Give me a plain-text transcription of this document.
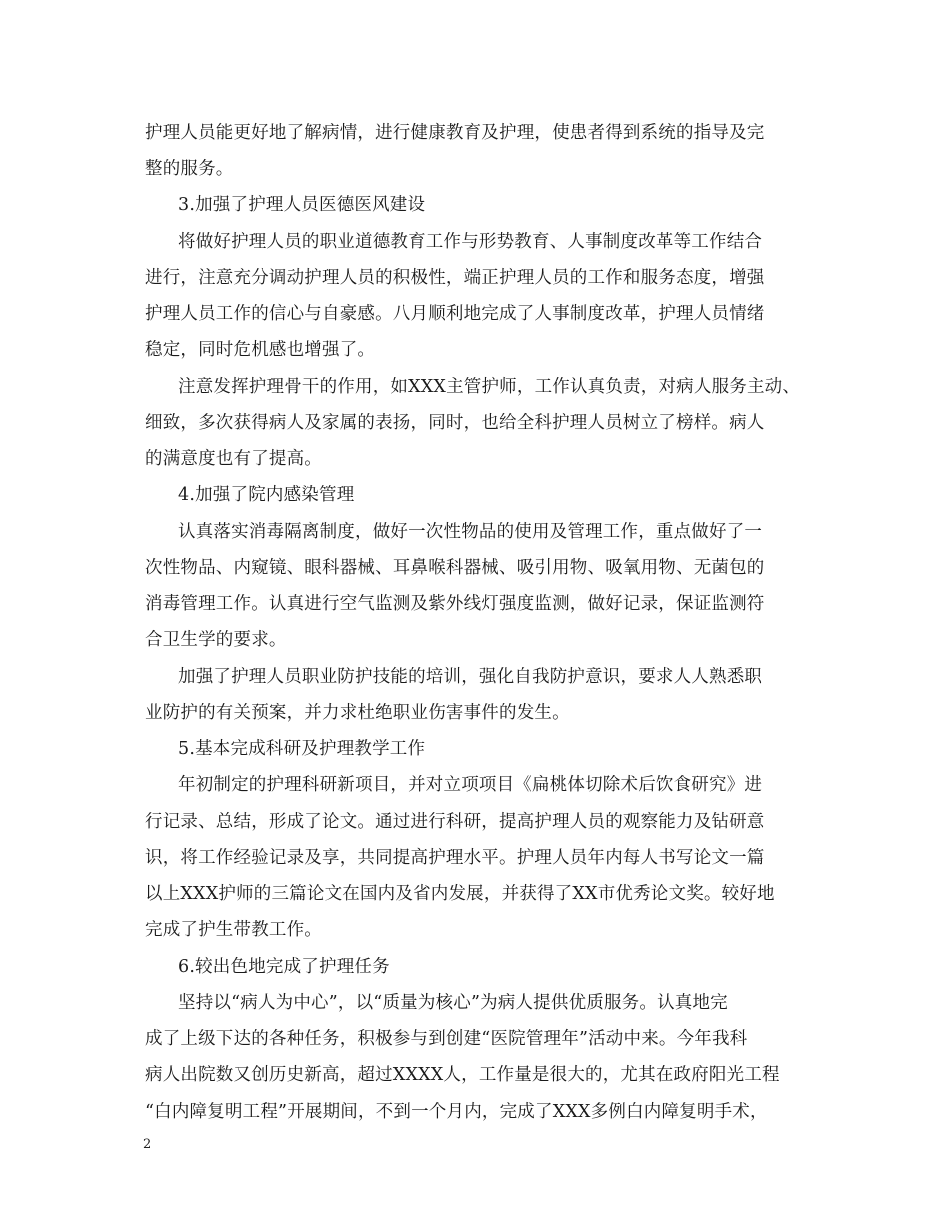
护理人员能更好地了解病情，进行健康教育及护理，使患者得到系统的指导及完
整的服务。
3.加强了护理人员医德医风建设
将做好护理人员的职业道德教育工作与形势教育、人事制度改革等工作结合
进行，注意充分调动护理人员的积极性，端正护理人员的工作和服务态度，增强
护理人员工作的信心与自豪感。八月顺利地完成了人事制度改革，护理人员情绪
稳定，同时危机感也增强了。
注意发挥护理骨干的作用，如XXX主管护师，工作认真负责，对病人服务主动、
细致，多次获得病人及家属的表扬，同时，也给全科护理人员树立了榜样。病人
的满意度也有了提高。
4.加强了院内感染管理
认真落实消毒隔离制度，做好一次性物品的使用及管理工作，重点做好了一
次性物品、内窥镜、眼科器械、耳鼻喉科器械、吸引用物、吸氧用物、无菌包的
消毒管理工作。认真进行空气监测及紫外线灯强度监测，做好记录，保证监测符
合卫生学的要求。
加强了护理人员职业防护技能的培训，强化自我防护意识，要求人人熟悉职
业防护的有关预案，并力求杜绝职业伤害事件的发生。
5.基本完成科研及护理教学工作
年初制定的护理科研新项目，并对立项项目《扁桃体切除术后饮食研究》进
行记录、总结，形成了论文。通过进行科研，提高护理人员的观察能力及钻研意
识，将工作经验记录及享，共同提高护理水平。护理人员年内每人书写论文一篇
以上XXX护师的三篇论文在国内及省内发展，并获得了XX市优秀论文奖。较好地
完成了护生带教工作。
6.较出色地完成了护理任务
坚持以“病人为中心”，以“质量为核心”为病人提供优质服务。认真地完
成了上级下达的各种任务，积极参与到创建“医院管理年”活动中来。今年我科
病人出院数又创历史新高，超过XXXX人，工作量是很大的，尤其在政府阳光工程
“白内障复明工程”开展期间，不到一个月内，完成了XXX多例白内障复明手术，
2
